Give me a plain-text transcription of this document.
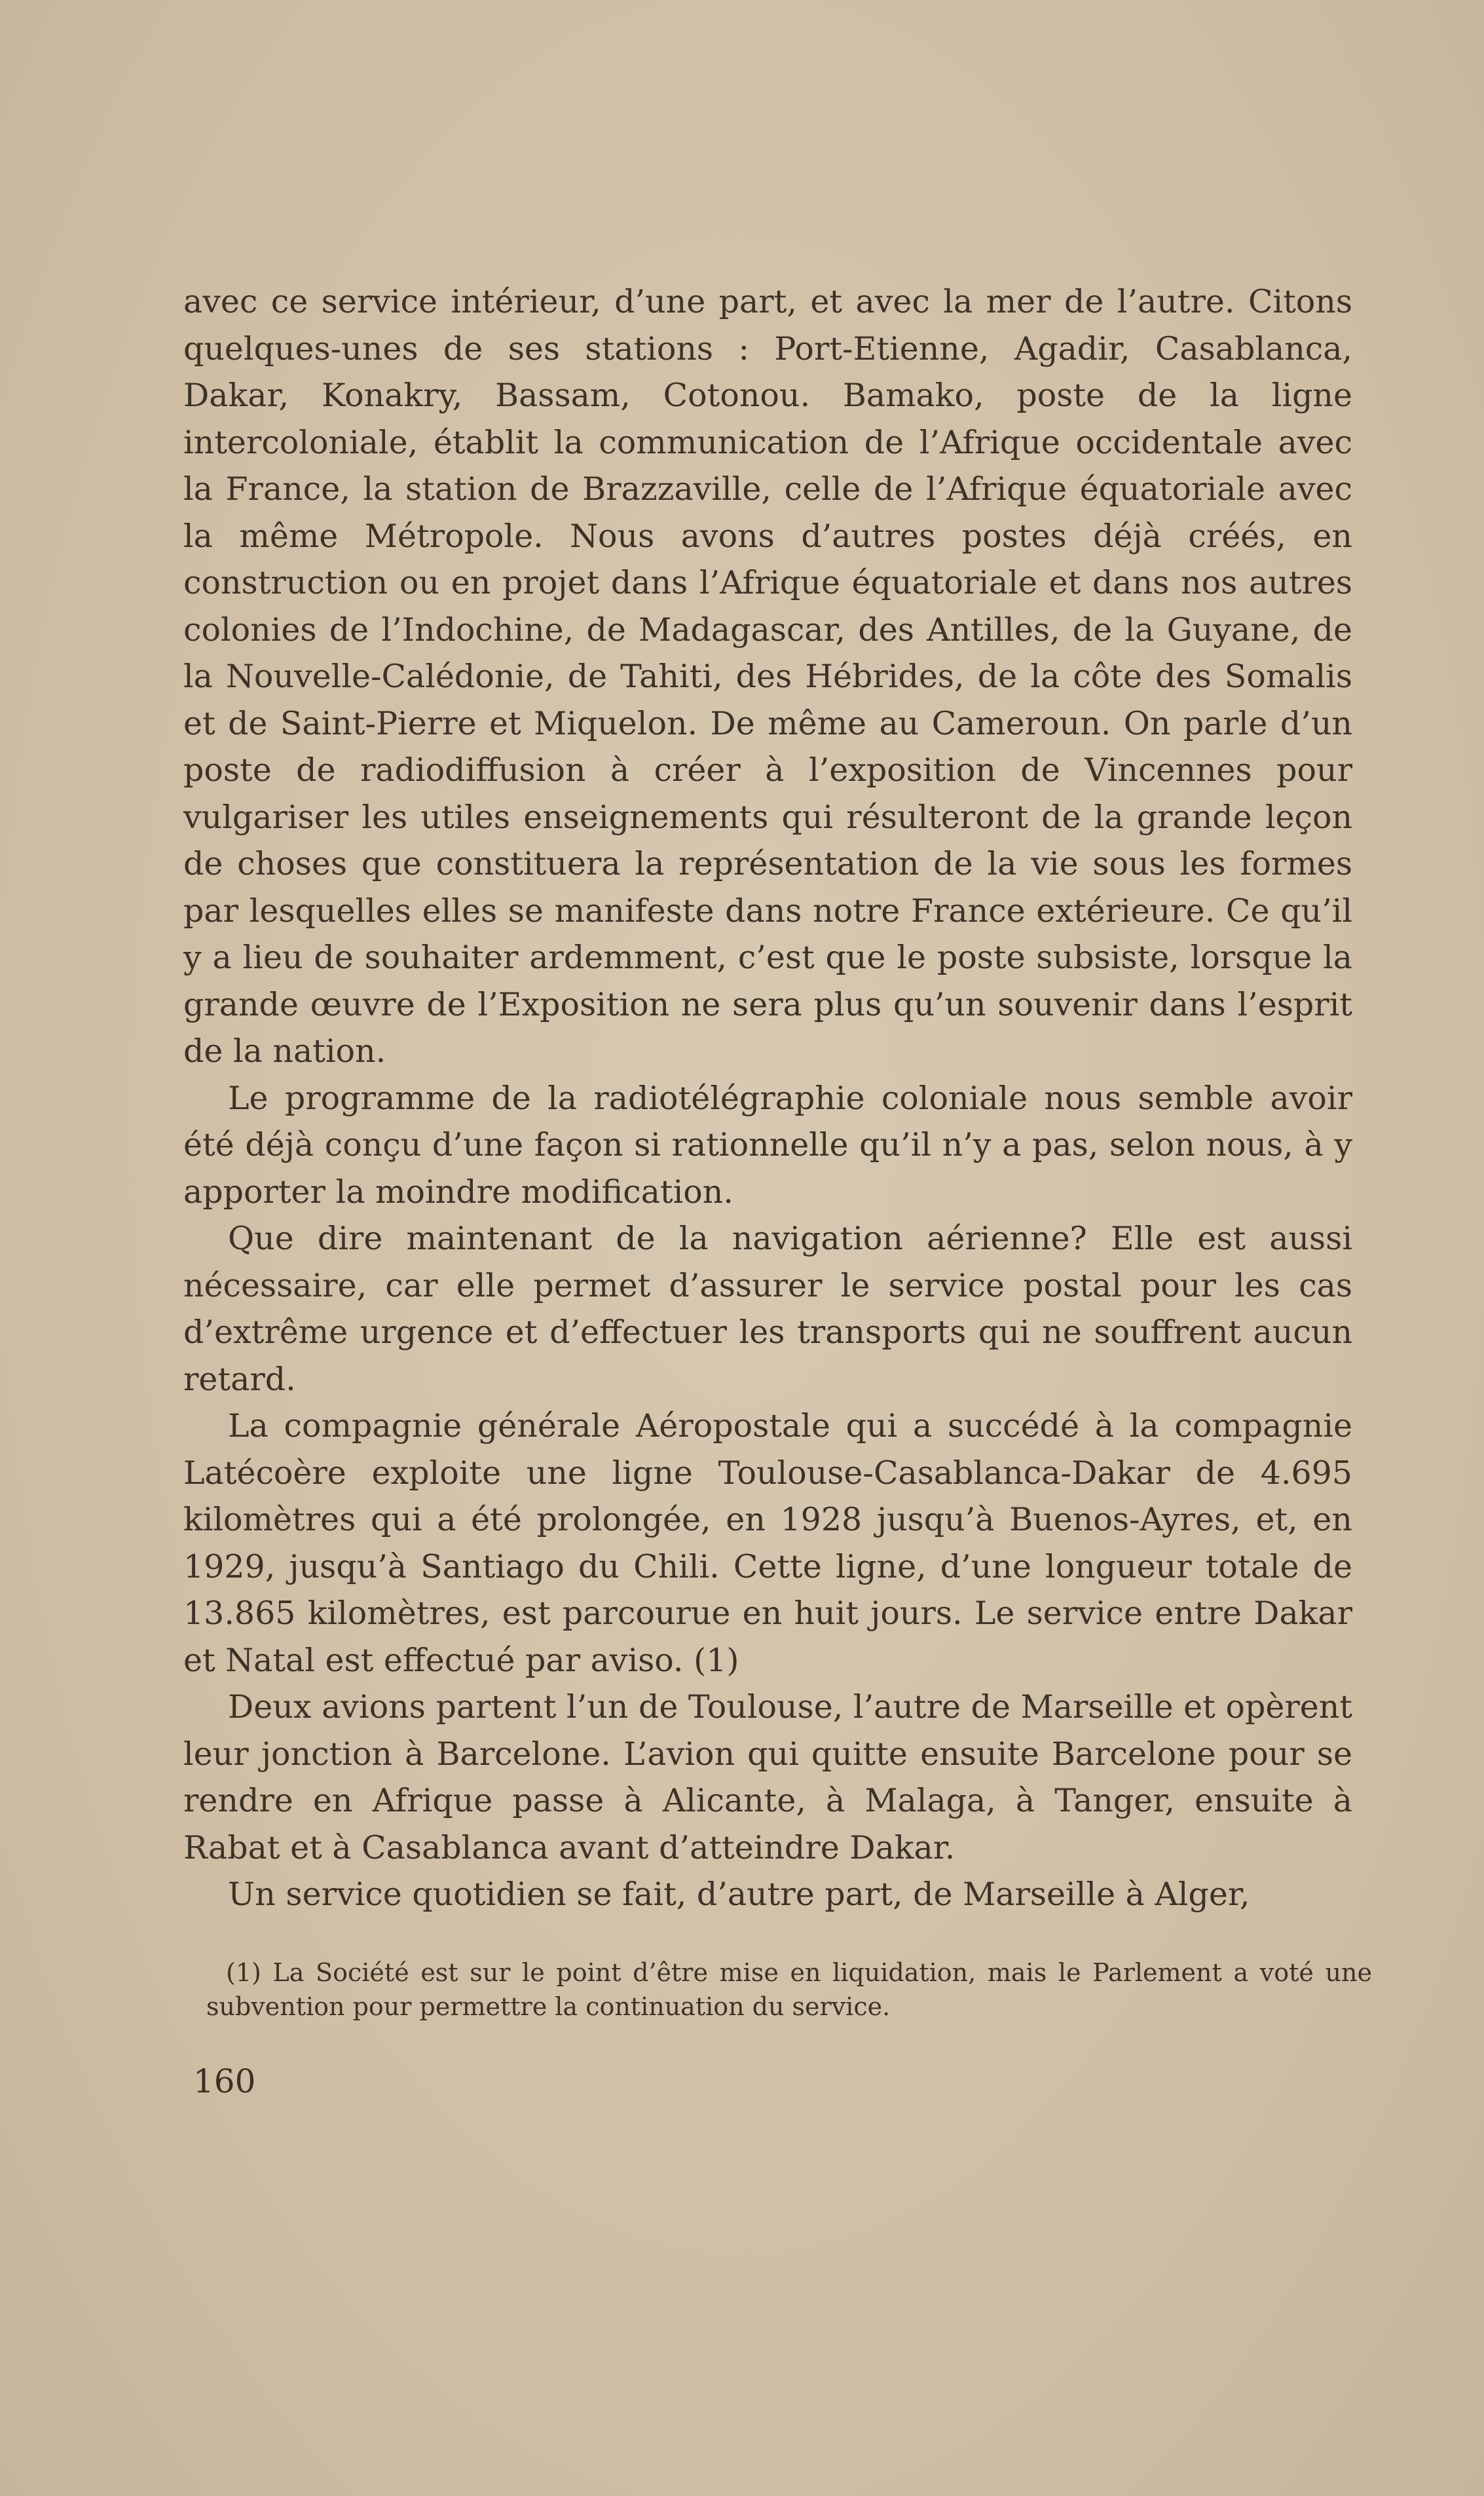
avec ce service intérieur, d’une part, et avec la mer de l’autre. Citons quelques-unes de ses stations : Port-Etienne, Agadir, Casablanca, Dakar, Konakry, Bassam, Cotonou. Bamako, poste de la ligne intercoloniale, établit la communication de l’Afrique occidentale avec la France, la station de Brazzaville, celle de l’Afrique équatoriale avec la même Métropole. Nous avons d’autres postes déjà créés, en construction ou en projet dans l’Afrique équatoriale et dans nos autres colonies de l’Indochine, de Madagascar, des Antilles, de la Guyane, de la Nouvelle-Calédonie, de Tahiti, des Hébrides, de la côte des Somalis et de Saint-Pierre et Miquelon. De même au Cameroun. On parle d’un poste de radiodiffusion à créer à l’exposition de Vincennes pour vulgariser les utiles enseignements qui résulteront de la grande leçon de choses que constituera la représentation de la vie sous les formes par lesquelles elles se manifeste dans notre France extérieure. Ce qu’il y a lieu de souhaiter ardemment, c’est que le poste subsiste, lorsque la grande œuvre de l’Exposition ne sera plus qu’un souvenir dans l’esprit de la nation.

Le programme de la radiotélégraphie coloniale nous semble avoir été déjà conçu d’une façon si rationnelle qu’il n’y a pas, selon nous, à y apporter la moindre modification.

Que dire maintenant de la navigation aérienne? Elle est aussi nécessaire, car elle permet d’assurer le service postal pour les cas d’extrême urgence et d’effectuer les transports qui ne souffrent aucun retard.

La compagnie générale Aéropostale qui a succédé à la compagnie Latécoère exploite une ligne Toulouse-Casablanca-Dakar de 4.695 kilomètres qui a été prolongée, en 1928 jusqu’à Buenos-Ayres, et, en 1929, jusqu’à Santiago du Chili. Cette ligne, d’une longueur totale de 13.865 kilomètres, est parcourue en huit jours. Le service entre Dakar et Natal est effectué par aviso. (1)

Deux avions partent l’un de Toulouse, l’autre de Marseille et opèrent leur jonction à Barcelone. L’avion qui quitte ensuite Barcelone pour se rendre en Afrique passe à Alicante, à Malaga, à Tanger, ensuite à Rabat et à Casablanca avant d’atteindre Dakar.

Un service quotidien se fait, d’autre part, de Marseille à Alger,

(1) La Société est sur le point d’être mise en liquidation, mais le Parlement a voté une subvention pour permettre la continuation du service.
160
